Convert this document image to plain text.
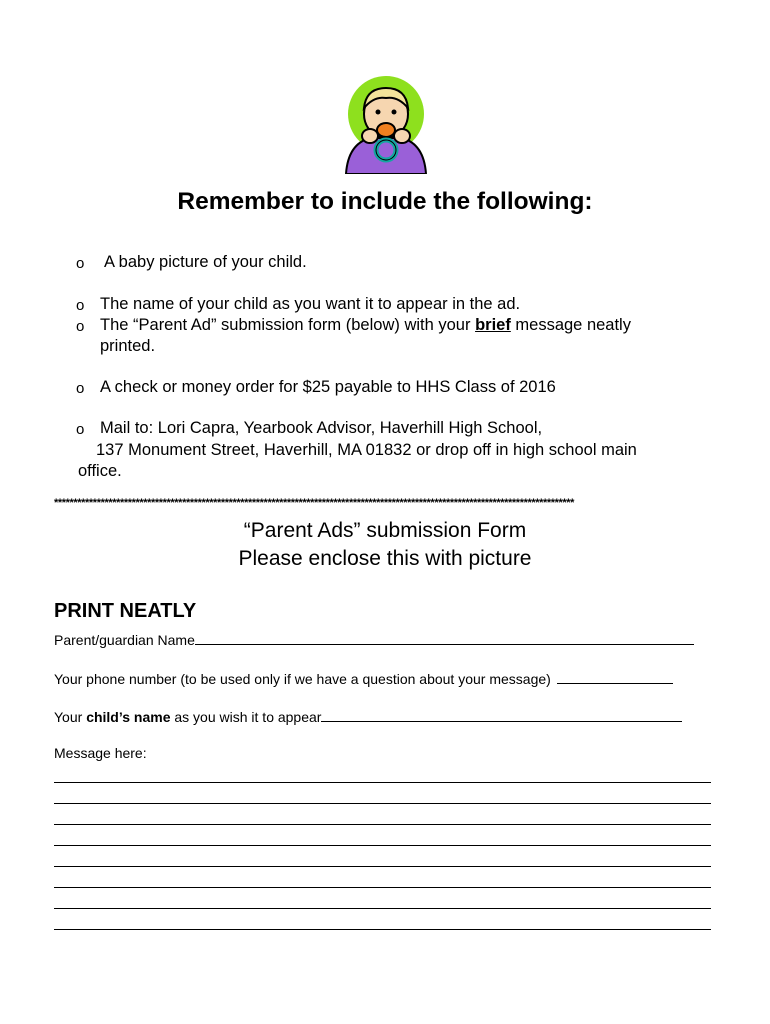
Remember to include the following:
o A baby picture of your child.
o The name of your child as you want it to appear in the ad.
o The “Parent Ad” submission form (below) with your brief message neatly
printed.
o A check or money order for $25 payable to HHS Class of 2016
o Mail to: Lori Capra, Yearbook Advisor, Haverhill High School,
137 Monument Street, Haverhill, MA 01832 or drop off in high school main
office.
**************************************************************************************************************************************
“Parent Ads” submission Form
Please enclose this with picture
PRINT NEATLY
Parent/guardian Name
Your phone number (to be used only if we have a question about your message)
Your child’s name as you wish it to appear
Message here:
